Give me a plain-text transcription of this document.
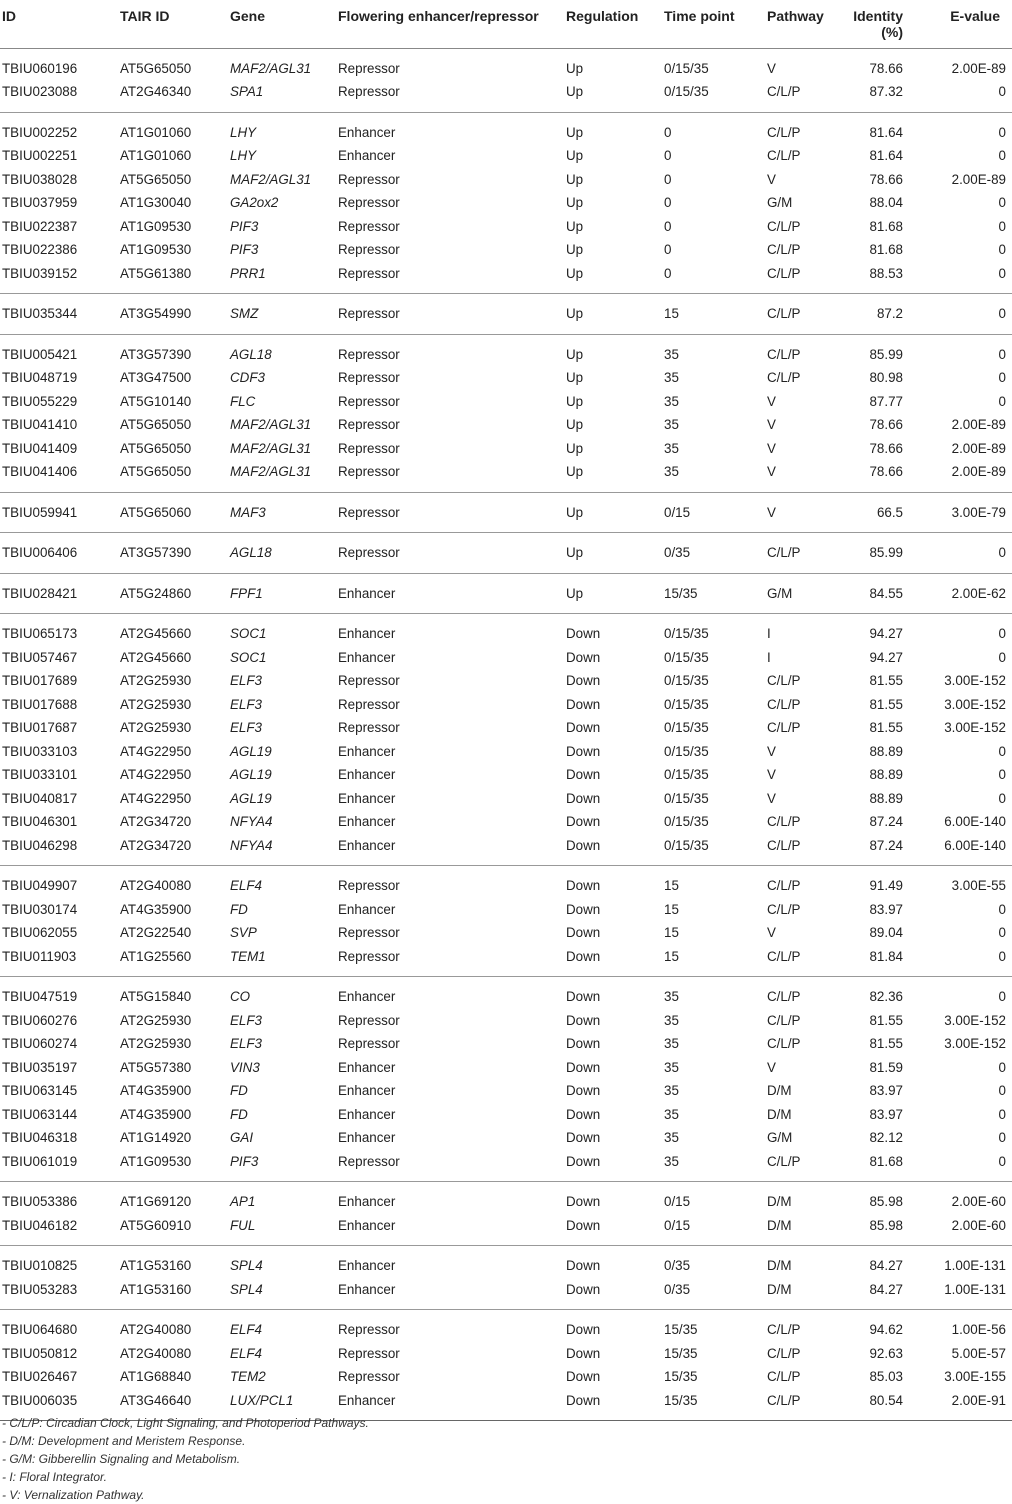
ID	TAIR ID	Gene	Flowering enhancer/repressor	Regulation	Time point	Pathway	Identity (%)	E-value
TBIU060196	AT5G65050	MAF2/AGL31	Repressor	Up	0/15/35	V	78.66	2.00E-89
TBIU023088	AT2G46340	SPA1	Repressor	Up	0/15/35	C/L/P	87.32	0
TBIU002252	AT1G01060	LHY	Enhancer	Up	0	C/L/P	81.64	0
TBIU002251	AT1G01060	LHY	Enhancer	Up	0	C/L/P	81.64	0
TBIU038028	AT5G65050	MAF2/AGL31	Repressor	Up	0	V	78.66	2.00E-89
TBIU037959	AT1G30040	GA2ox2	Repressor	Up	0	G/M	88.04	0
TBIU022387	AT1G09530	PIF3	Repressor	Up	0	C/L/P	81.68	0
TBIU022386	AT1G09530	PIF3	Repressor	Up	0	C/L/P	81.68	0
TBIU039152	AT5G61380	PRR1	Repressor	Up	0	C/L/P	88.53	0
TBIU035344	AT3G54990	SMZ	Repressor	Up	15	C/L/P	87.2	0
TBIU005421	AT3G57390	AGL18	Repressor	Up	35	C/L/P	85.99	0
TBIU048719	AT3G47500	CDF3	Repressor	Up	35	C/L/P	80.98	0
TBIU055229	AT5G10140	FLC	Repressor	Up	35	V	87.77	0
TBIU041410	AT5G65050	MAF2/AGL31	Repressor	Up	35	V	78.66	2.00E-89
TBIU041409	AT5G65050	MAF2/AGL31	Repressor	Up	35	V	78.66	2.00E-89
TBIU041406	AT5G65050	MAF2/AGL31	Repressor	Up	35	V	78.66	2.00E-89
TBIU059941	AT5G65060	MAF3	Repressor	Up	0/15	V	66.5	3.00E-79
TBIU006406	AT3G57390	AGL18	Repressor	Up	0/35	C/L/P	85.99	0
TBIU028421	AT5G24860	FPF1	Enhancer	Up	15/35	G/M	84.55	2.00E-62
TBIU065173	AT2G45660	SOC1	Enhancer	Down	0/15/35	I	94.27	0
TBIU057467	AT2G45660	SOC1	Enhancer	Down	0/15/35	I	94.27	0
TBIU017689	AT2G25930	ELF3	Repressor	Down	0/15/35	C/L/P	81.55	3.00E-152
TBIU017688	AT2G25930	ELF3	Repressor	Down	0/15/35	C/L/P	81.55	3.00E-152
TBIU017687	AT2G25930	ELF3	Repressor	Down	0/15/35	C/L/P	81.55	3.00E-152
TBIU033103	AT4G22950	AGL19	Enhancer	Down	0/15/35	V	88.89	0
TBIU033101	AT4G22950	AGL19	Enhancer	Down	0/15/35	V	88.89	0
TBIU040817	AT4G22950	AGL19	Enhancer	Down	0/15/35	V	88.89	0
TBIU046301	AT2G34720	NFYA4	Enhancer	Down	0/15/35	C/L/P	87.24	6.00E-140
TBIU046298	AT2G34720	NFYA4	Enhancer	Down	0/15/35	C/L/P	87.24	6.00E-140
TBIU049907	AT2G40080	ELF4	Repressor	Down	15	C/L/P	91.49	3.00E-55
TBIU030174	AT4G35900	FD	Enhancer	Down	15	C/L/P	83.97	0
TBIU062055	AT2G22540	SVP	Repressor	Down	15	V	89.04	0
TBIU011903	AT1G25560	TEM1	Repressor	Down	15	C/L/P	81.84	0
TBIU047519	AT5G15840	CO	Enhancer	Down	35	C/L/P	82.36	0
TBIU060276	AT2G25930	ELF3	Repressor	Down	35	C/L/P	81.55	3.00E-152
TBIU060274	AT2G25930	ELF3	Repressor	Down	35	C/L/P	81.55	3.00E-152
TBIU035197	AT5G57380	VIN3	Enhancer	Down	35	V	81.59	0
TBIU063145	AT4G35900	FD	Enhancer	Down	35	D/M	83.97	0
TBIU063144	AT4G35900	FD	Enhancer	Down	35	D/M	83.97	0
TBIU046318	AT1G14920	GAI	Enhancer	Down	35	G/M	82.12	0
TBIU061019	AT1G09530	PIF3	Repressor	Down	35	C/L/P	81.68	0
TBIU053386	AT1G69120	AP1	Enhancer	Down	0/15	D/M	85.98	2.00E-60
TBIU046182	AT5G60910	FUL	Enhancer	Down	0/15	D/M	85.98	2.00E-60
TBIU010825	AT1G53160	SPL4	Enhancer	Down	0/35	D/M	84.27	1.00E-131
TBIU053283	AT1G53160	SPL4	Enhancer	Down	0/35	D/M	84.27	1.00E-131
TBIU064680	AT2G40080	ELF4	Repressor	Down	15/35	C/L/P	94.62	1.00E-56
TBIU050812	AT2G40080	ELF4	Repressor	Down	15/35	C/L/P	92.63	5.00E-57
TBIU026467	AT1G68840	TEM2	Repressor	Down	15/35	C/L/P	85.03	3.00E-155
TBIU006035	AT3G46640	LUX/PCL1	Enhancer	Down	15/35	C/L/P	80.54	2.00E-91
- C/L/P: Circadian Clock, Light Signaling, and Photoperiod Pathways.
- D/M: Development and Meristem Response.
- G/M: Gibberellin Signaling and Metabolism.
- I: Floral Integrator.
- V: Vernalization Pathway.
